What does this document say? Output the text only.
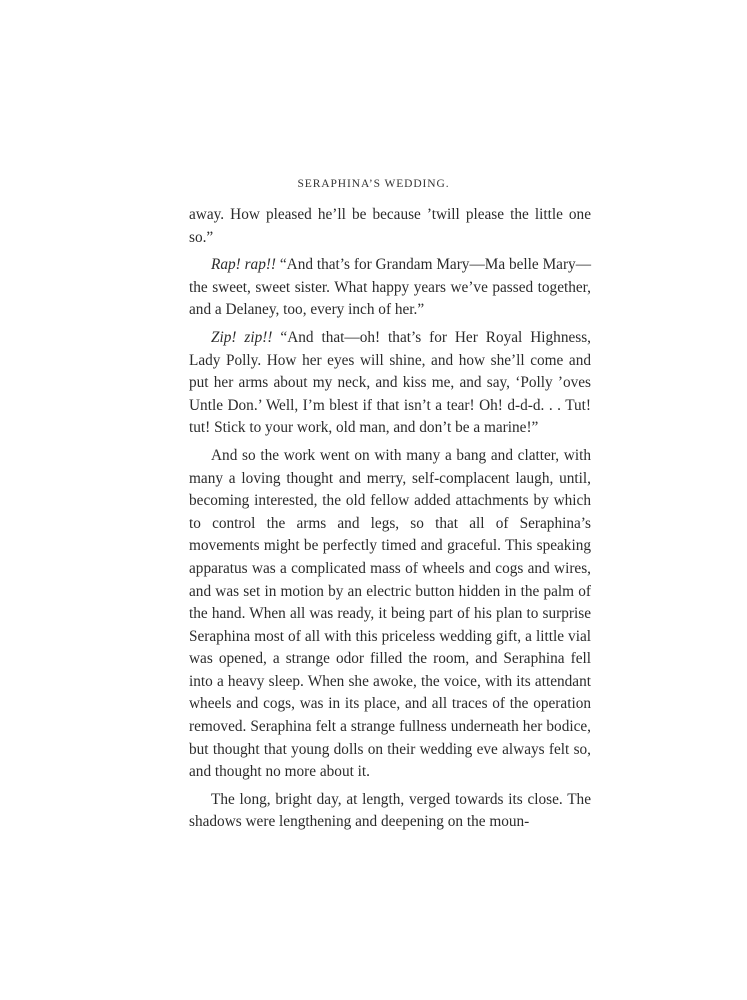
SERAPHINA’S WEDDING.

away. How pleased he’ll be because ’twill please the little one so.”

Rap! rap!! “And that’s for Grandam Mary—Ma belle Mary—the sweet, sweet sister. What happy years we’ve passed together, and a Delaney, too, every inch of her.”

Zip! zip!! “And that—oh! that’s for Her Royal Highness, Lady Polly. How her eyes will shine, and how she’ll come and put her arms about my neck, and kiss me, and say, ‘Polly ’oves Untle Don.’ Well, I’m blest if that isn’t a tear! Oh! d-d-d. . . Tut! tut! Stick to your work, old man, and don’t be a marine!”

And so the work went on with many a bang and clatter, with many a loving thought and merry, self-complacent laugh, until, becoming interested, the old fellow added attachments by which to control the arms and legs, so that all of Seraphina’s movements might be perfectly timed and graceful. This speaking apparatus was a complicated mass of wheels and cogs and wires, and was set in motion by an electric button hidden in the palm of the hand. When all was ready, it being part of his plan to surprise Seraphina most of all with this priceless wedding gift, a little vial was opened, a strange odor filled the room, and Seraphina fell into a heavy sleep. When she awoke, the voice, with its attendant wheels and cogs, was in its place, and all traces of the operation removed. Seraphina felt a strange fullness underneath her bodice, but thought that young dolls on their wedding eve always felt so, and thought no more about it.

The long, bright day, at length, verged towards its close. The shadows were lengthening and deepening on the moun-
